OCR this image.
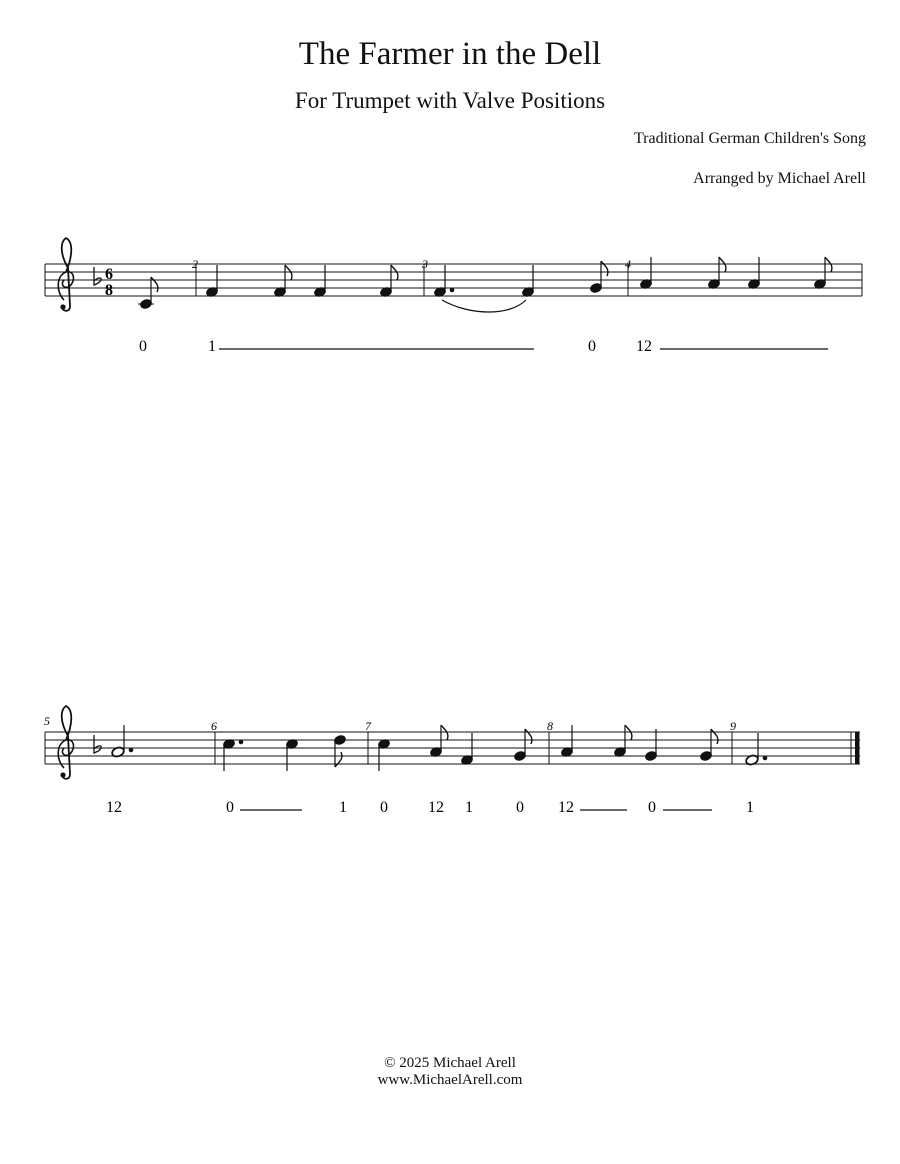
The Farmer in the Dell
For Trumpet with Valve Positions
Traditional German Children's Song
Arranged by Michael Arell
6
8
2	3	4
0	1	0	12
5	6	7	8	9
12	0	1 0	12 1	0 12	0	1
© 2025 Michael Arell
www.MichaelArell.com
